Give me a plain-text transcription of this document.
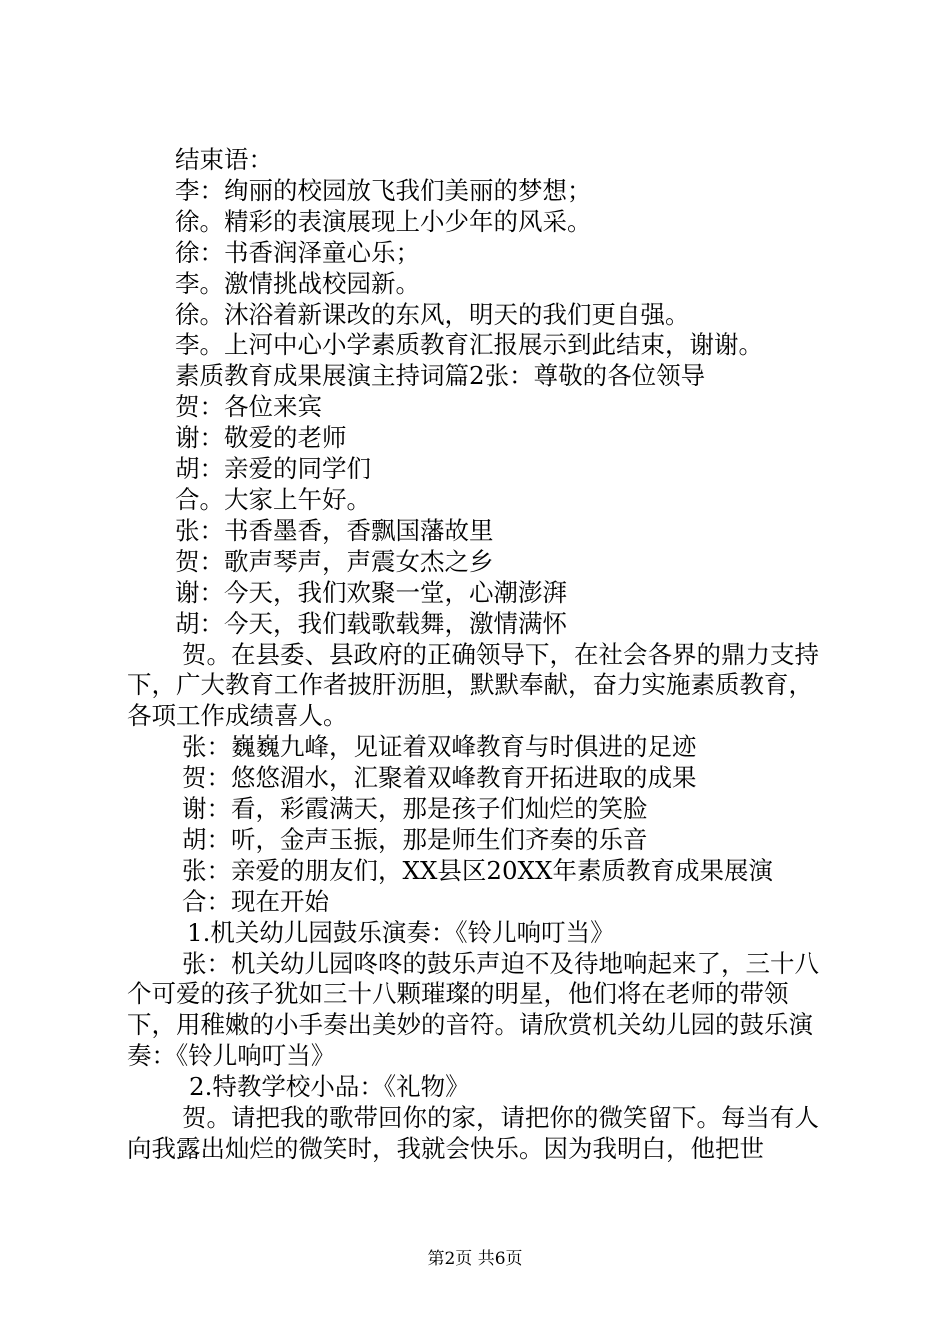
结束语：

李：绚丽的校园放飞我们美丽的梦想；

徐。精彩的表演展现上小少年的风采。

徐：书香润泽童心乐；

李。激情挑战校园新。

徐。沐浴着新课改的东风，明天的我们更自强。

李。上河中心小学素质教育汇报展示到此结束，谢谢。

素质教育成果展演主持词篇2张：尊敬的各位领导

贺：各位来宾

谢：敬爱的老师

胡：亲爱的同学们

合。大家上午好。

张：书香墨香，香飘国藩故里

贺：歌声琴声，声震女杰之乡

谢：今天，我们欢聚一堂，心潮澎湃

胡：今天，我们载歌载舞，激情满怀

贺。在县委、县政府的正确领导下，在社会各界的鼎力支持下，广大教育工作者披肝沥胆，默默奉献，奋力实施素质教育，各项工作成绩喜人。

张：巍巍九峰，见证着双峰教育与时俱进的足迹

贺：悠悠湄水，汇聚着双峰教育开拓进取的成果

谢：看，彩霞满天，那是孩子们灿烂的笑脸

胡：听，金声玉振，那是师生们齐奏的乐音

张：亲爱的朋友们，XX县区20XX年素质教育成果展演

合：现在开始

1.机关幼儿园鼓乐演奏：《铃儿响叮当》

张：机关幼儿园咚咚的鼓乐声迫不及待地响起来了，三十八个可爱的孩子犹如三十八颗璀璨的明星，他们将在老师的带领下，用稚嫩的小手奏出美妙的音符。请欣赏机关幼儿园的鼓乐演奏：《铃儿响叮当》

2.特教学校小品：《礼物》

贺。请把我的歌带回你的家，请把你的微笑留下。每当有人向我露出灿烂的微笑时，我就会快乐。因为我明白，他把世

第2页 共6页
